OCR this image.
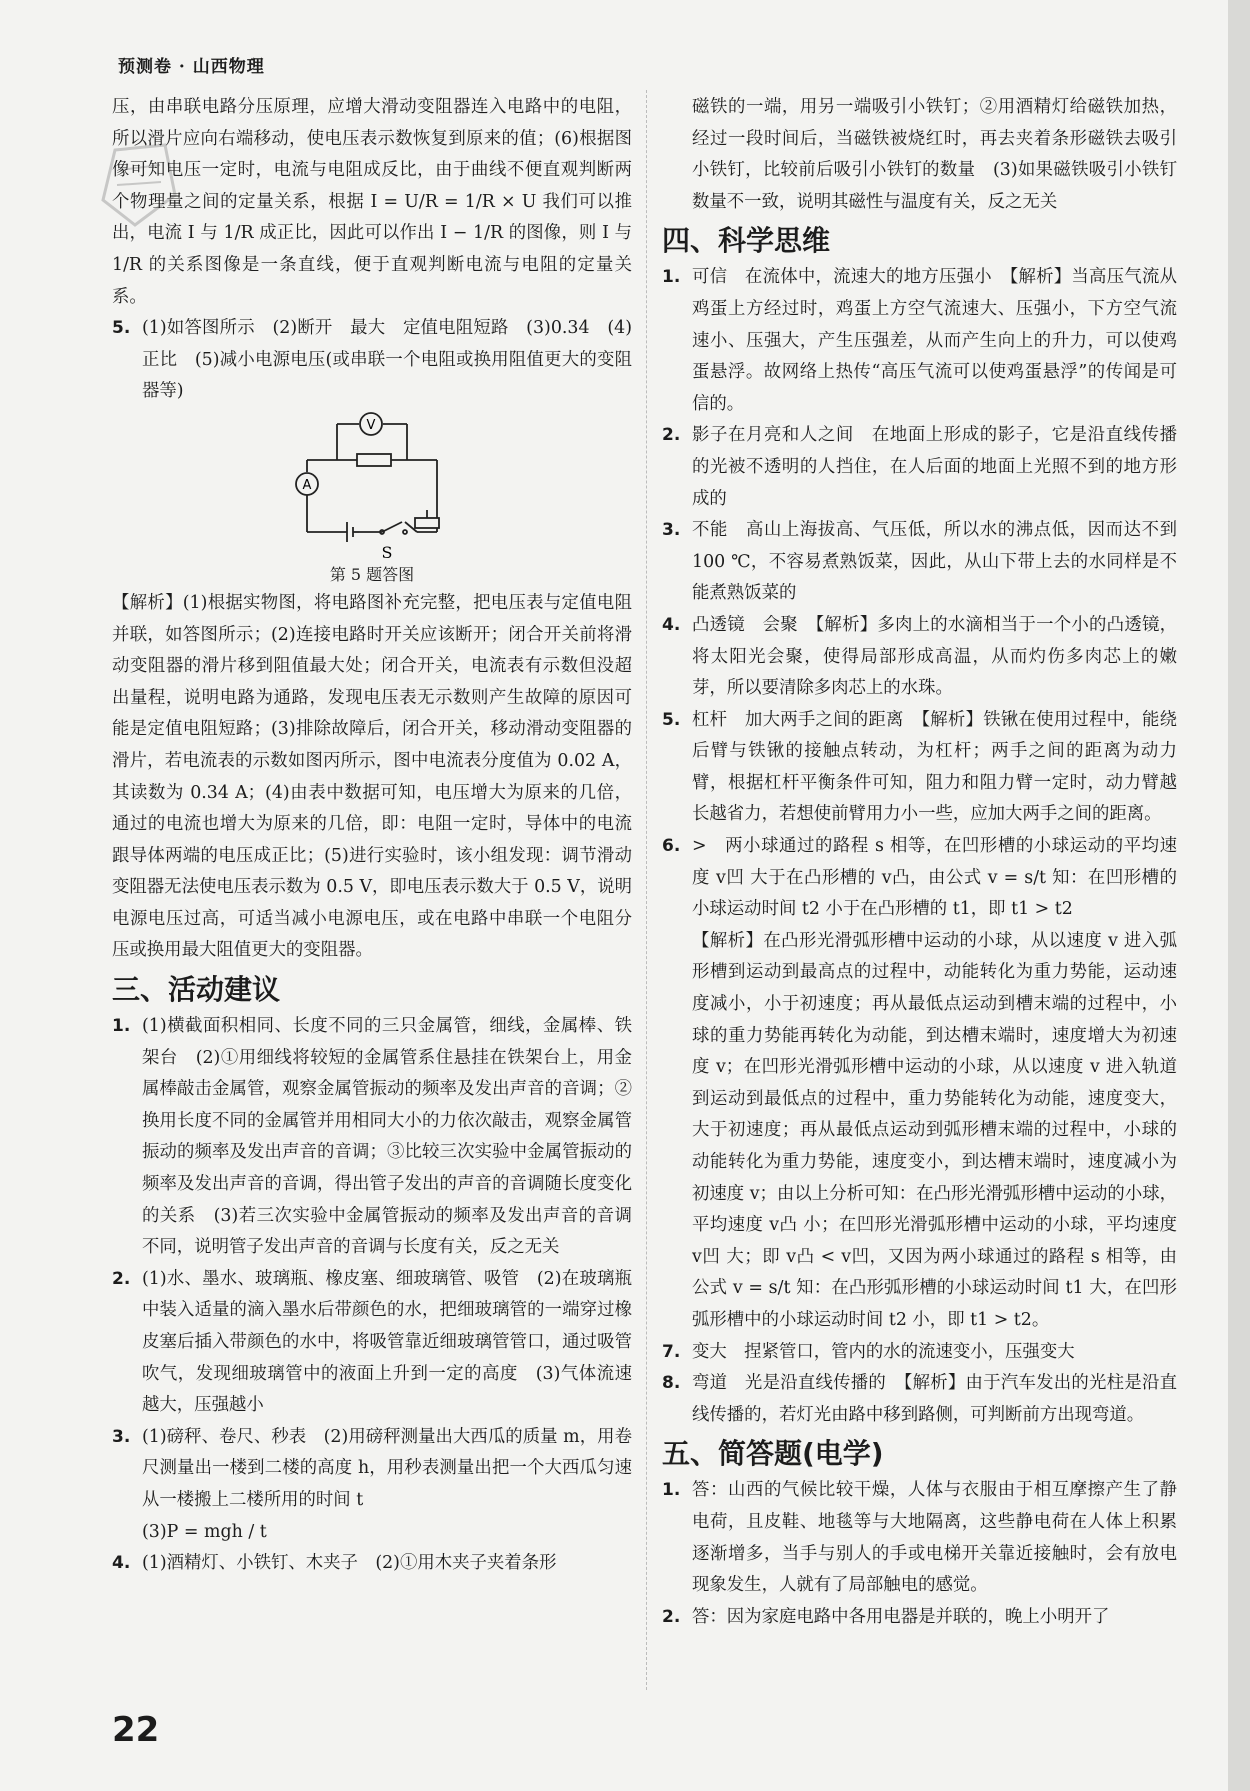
预测卷 · 山西物理

压，由串联电路分压原理，应增大滑动变阻器连入电路中的电阻，所以滑片应向右端移动，使电压表示数恢复到原来的值；(6)根据图像可知电压一定时，电流与电阻成反比，由于曲线不便直观判断两个物理量之间的定量关系，根据 I = U/R = 1/R × U 我们可以推出，电流 I 与 1/R 成正比，因此可以作出 I − 1/R 的图像，则 I 与 1/R 的关系图像是一条直线，便于直观判断电流与电阻的定量关系。

5. (1)如答图所示　(2)断开　最大　定值电阻短路　(3)0.34　(4)正比　(5)减小电源电压(或串联一个电阻或换用阻值更大的变阻器等)

V
A
S

第 5 题答图

【解析】(1)根据实物图，将电路图补充完整，把电压表与定值电阻并联，如答图所示；(2)连接电路时开关应该断开；闭合开关前将滑动变阻器的滑片移到阻值最大处；闭合开关，电流表有示数但没超出量程，说明电路为通路，发现电压表无示数则产生故障的原因可能是定值电阻短路；(3)排除故障后，闭合开关，移动滑动变阻器的滑片，若电流表的示数如图丙所示，图中电流表分度值为 0.02 A，其读数为 0.34 A；(4)由表中数据可知，电压增大为原来的几倍，通过的电流也增大为原来的几倍，即：电阻一定时，导体中的电流跟导体两端的电压成正比；(5)进行实验时，该小组发现：调节滑动变阻器无法使电压表示数为 0.5 V，即电压表示数大于 0.5 V，说明电源电压过高，可适当减小电源电压，或在电路中串联一个电阻分压或换用最大阻值更大的变阻器。

三、活动建议
1. (1)横截面积相同、长度不同的三只金属管，细线，金属棒、铁架台　(2)①用细线将较短的金属管系住悬挂在铁架台上，用金属棒敲击金属管，观察金属管振动的频率及发出声音的音调；②换用长度不同的金属管并用相同大小的力依次敲击，观察金属管振动的频率及发出声音的音调；③比较三次实验中金属管振动的频率及发出声音的音调，得出管子发出的声音的音调随长度变化的关系　(3)若三次实验中金属管振动的频率及发出声音的音调不同，说明管子发出声音的音调与长度有关，反之无关

2. (1)水、墨水、玻璃瓶、橡皮塞、细玻璃管、吸管　(2)在玻璃瓶中装入适量的滴入墨水后带颜色的水，把细玻璃管的一端穿过橡皮塞后插入带颜色的水中，将吸管靠近细玻璃管管口，通过吸管吹气，发现细玻璃管中的液面上升到一定的高度　(3)气体流速越大，压强越小

3. (1)磅秤、卷尺、秒表　(2)用磅秤测量出大西瓜的质量 m，用卷尺测量出一楼到二楼的高度 h，用秒表测量出把一个大西瓜匀速从一楼搬上二楼所用的时间 t

(3)P = mgh / t

4. (1)酒精灯、小铁钉、木夹子　(2)①用木夹子夹着条形

磁铁的一端，用另一端吸引小铁钉；②用酒精灯给磁铁加热，经过一段时间后，当磁铁被烧红时，再去夹着条形磁铁去吸引小铁钉，比较前后吸引小铁钉的数量　(3)如果磁铁吸引小铁钉数量不一致，说明其磁性与温度有关，反之无关

四、科学思维
1. 可信　在流体中，流速大的地方压强小　【解析】当高压气流从鸡蛋上方经过时，鸡蛋上方空气流速大、压强小，下方空气流速小、压强大，产生压强差，从而产生向上的升力，可以使鸡蛋悬浮。故网络上热传“高压气流可以使鸡蛋悬浮”的传闻是可信的。

2. 影子在月亮和人之间　在地面上形成的影子，它是沿直线传播的光被不透明的人挡住，在人后面的地面上光照不到的地方形成的

3. 不能　高山上海拔高、气压低，所以水的沸点低，因而达不到 100 ℃，不容易煮熟饭菜，因此，从山下带上去的水同样是不能煮熟饭菜的

4. 凸透镜　会聚　【解析】多肉上的水滴相当于一个小的凸透镜，将太阳光会聚，使得局部形成高温，从而灼伤多肉芯上的嫩芽，所以要清除多肉芯上的水珠。

5. 杠杆　加大两手之间的距离　【解析】铁锹在使用过程中，能绕后臂与铁锹的接触点转动，为杠杆；两手之间的距离为动力臂，根据杠杆平衡条件可知，阻力和阻力臂一定时，动力臂越长越省力，若想使前臂用力小一些，应加大两手之间的距离。

6. >　两小球通过的路程 s 相等，在凹形槽的小球运动的平均速度 v凹 大于在凸形槽的 v凸，由公式 v = s/t 知：在凹形槽的小球运动时间 t2 小于在凸形槽的 t1，即 t1 > t2

【解析】在凸形光滑弧形槽中运动的小球，从以速度 v 进入弧形槽到运动到最高点的过程中，动能转化为重力势能，运动速度减小，小于初速度；再从最低点运动到槽末端的过程中，小球的重力势能再转化为动能，到达槽末端时，速度增大为初速度 v；在凹形光滑弧形槽中运动的小球，从以速度 v 进入轨道到运动到最低点的过程中，重力势能转化为动能，速度变大，大于初速度；再从最低点运动到弧形槽末端的过程中，小球的动能转化为重力势能，速度变小，到达槽末端时，速度减小为初速度 v；由以上分析可知：在凸形光滑弧形槽中运动的小球，平均速度 v凸 小；在凹形光滑弧形槽中运动的小球，平均速度 v凹 大；即 v凸 < v凹，又因为两小球通过的路程 s 相等，由公式 v = s/t 知：在凸形弧形槽的小球运动时间 t1 大，在凹形弧形槽中的小球运动时间 t2 小，即 t1 > t2。

7. 变大　捏紧管口，管内的水的流速变小，压强变大

8. 弯道　光是沿直线传播的　【解析】由于汽车发出的光柱是沿直线传播的，若灯光由路中移到路侧，可判断前方出现弯道。

五、简答题(电学)
1. 答：山西的气候比较干燥，人体与衣服由于相互摩擦产生了静电荷，且皮鞋、地毯等与大地隔离，这些静电荷在人体上积累逐渐增多，当手与别人的手或电梯开关靠近接触时，会有放电现象发生，人就有了局部触电的感觉。

2. 答：因为家庭电路中各用电器是并联的，晚上小明开了

22
